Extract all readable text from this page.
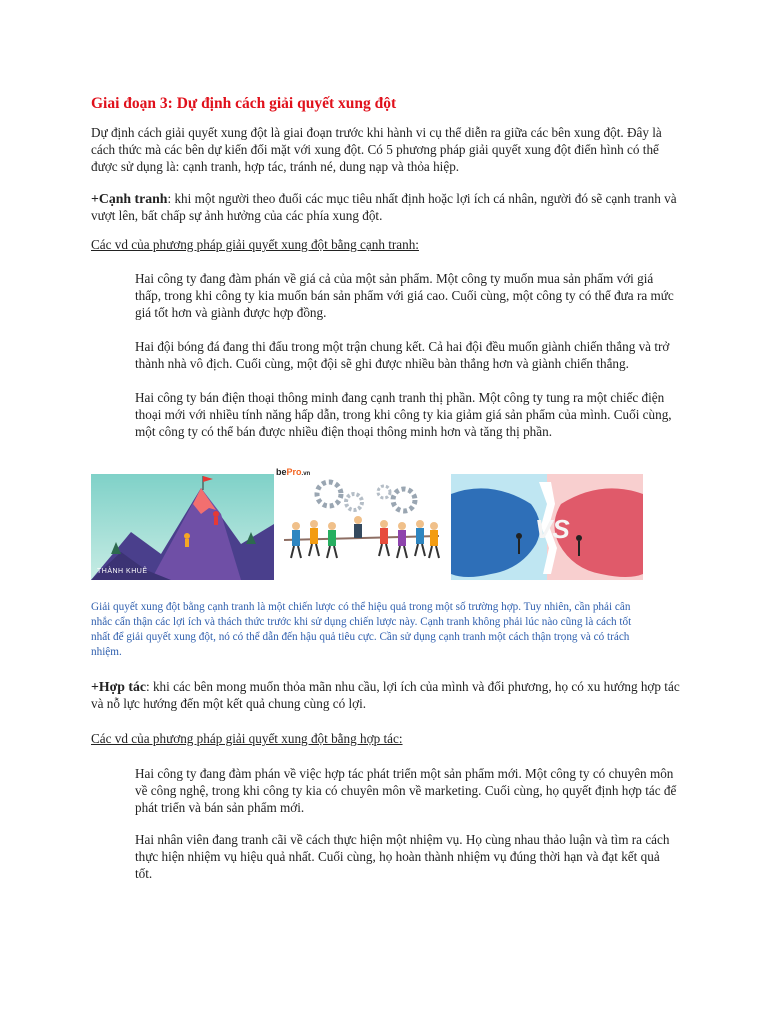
Giai đoạn 3: Dự định cách giải quyết xung đột
Dự định cách giải quyết xung đột là giai đoạn trước khi hành vi cụ thể diễn ra giữa các bên xung đột. Đây là cách thức mà các bên dự kiến đối mặt với xung đột. Có 5 phương pháp giải quyết xung đột điển hình có thể được sử dụng là: cạnh tranh, hợp tác, tránh né, dung nạp và thỏa hiệp.
+Cạnh tranh: khi một người theo đuổi các mục tiêu nhất định hoặc lợi ích cá nhân, người đó sẽ cạnh tranh và vượt lên, bất chấp sự ảnh hưởng của các phía xung đột.
Các vd của phương pháp giải quyết xung đột bằng cạnh tranh:
Hai công ty đang đàm phán về giá cả của một sản phẩm. Một công ty muốn mua sản phẩm với giá thấp, trong khi công ty kia muốn bán sản phẩm với giá cao. Cuối cùng, một công ty có thể đưa ra mức giá tốt hơn và giành được hợp đồng.
Hai đội bóng đá đang thi đấu trong một trận chung kết. Cả hai đội đều muốn giành chiến thắng và trở thành nhà vô địch. Cuối cùng, một đội sẽ ghi được nhiều bàn thắng hơn và giành chiến thắng.
Hai công ty bán điện thoại thông minh đang cạnh tranh thị phần. Một công ty tung ra một chiếc điện thoại mới với nhiều tính năng hấp dẫn, trong khi công ty kia giảm giá sản phẩm của mình. Cuối cùng, một công ty có thể bán được nhiều điện thoại thông minh hơn và tăng thị phần.
THÀNH KHUÊ
bePro.vn
VS
Giải quyết xung đột bằng cạnh tranh là một chiến lược có thể hiệu quả trong một số trường hợp. Tuy nhiên, cần phải cân nhắc cẩn thận các lợi ích và thách thức trước khi sử dụng chiến lược này. Cạnh tranh không phải lúc nào cũng là cách tốt nhất để giải quyết xung đột, nó có thể dẫn đến hậu quả tiêu cực. Cần sử dụng cạnh tranh một cách thận trọng và có trách nhiệm.
+Hợp tác: khi các bên mong muốn thỏa mãn nhu cầu, lợi ích của mình và đối phương, họ có xu hướng hợp tác và nỗ lực hướng đến một kết quả chung cùng có lợi.
Các vd của phương pháp giải quyết xung đột bằng hợp tác:
Hai công ty đang đàm phán về việc hợp tác phát triển một sản phẩm mới. Một công ty có chuyên môn về công nghệ, trong khi công ty kia có chuyên môn về marketing. Cuối cùng, họ quyết định hợp tác để phát triển và bán sản phẩm mới.
Hai nhân viên đang tranh cãi về cách thực hiện một nhiệm vụ. Họ cùng nhau thảo luận và tìm ra cách thực hiện nhiệm vụ hiệu quả nhất. Cuối cùng, họ hoàn thành nhiệm vụ đúng thời hạn và đạt kết quả tốt.
